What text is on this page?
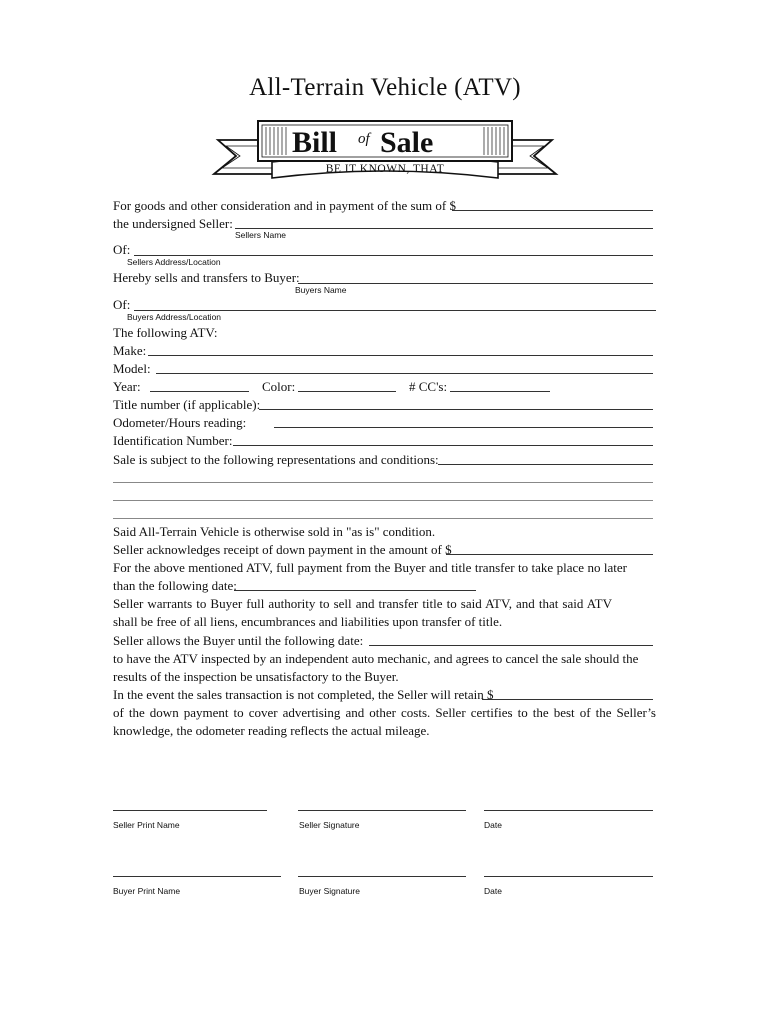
All-Terrain Vehicle (ATV)
Bill of Sale
BE IT KNOWN, THAT
For goods and other consideration and in payment of the sum of $
the undersigned Seller:
Sellers Name
Of:
Sellers Address/Location
Hereby sells and transfers to Buyer:
Buyers Name
Of:
Buyers Address/Location
The following ATV:
Make:
Model:
Year:	Color:	# CC's:
Title number (if applicable):
Odometer/Hours reading:
Identification Number:
Sale is subject to the following representations and conditions:
Said All-Terrain Vehicle is otherwise sold in "as is" condition.
Seller acknowledges receipt of down payment in the amount of $
For the above mentioned ATV, full payment from the Buyer and title transfer to take place no later
than the following date:
Seller warrants to Buyer full authority to sell and transfer title to said ATV, and that said ATV
shall be free of all liens, encumbrances and liabilities upon transfer of title.
Seller allows the Buyer until the following date:
to have the ATV inspected by an independent auto mechanic, and agrees to cancel the sale should the
results of the inspection be unsatisfactory to the Buyer.
In the event the sales transaction is not completed, the Seller will retain $
of the down payment to cover advertising and other costs. Seller certifies to the best of the Seller’s
knowledge, the odometer reading reflects the actual mileage.
Seller Print Name	Seller Signature	Date
Buyer Print Name	Buyer Signature	Date
